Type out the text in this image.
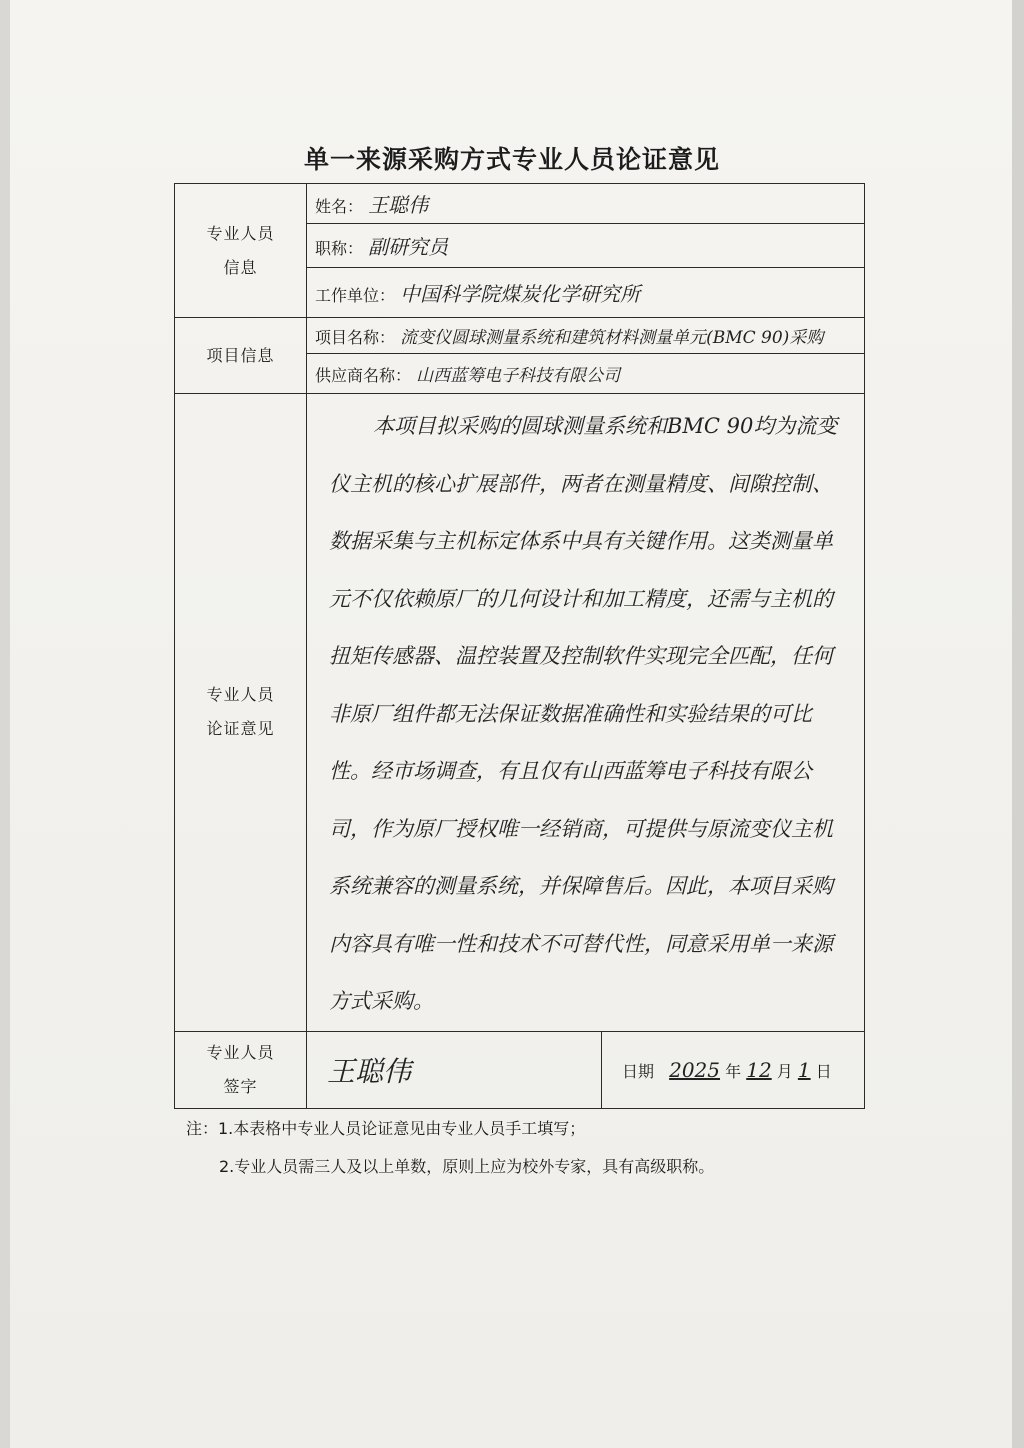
单一来源采购方式专业人员论证意见
专业人员信息	姓名： 王聪伟	
	职称： 副研究员	
	工作单位： 中国科学院煤炭化学研究所	
项目信息	项目名称： 流变仪圆球测量系统和建筑材料测量单元(BMC 90)采购	
	供应商名称： 山西蓝筹电子科技有限公司	

专业人员论证意见	本项目拟采购的圆球测量系统和BMC 90均为流变仪主机的核心扩展部件，两者在测量精度、间隙控制、数据采集与主机标定体系中具有关键作用。这类测量单元不仅依赖原厂的几何设计和加工精度，还需与主机的扭矩传感器、温控装置及控制软件实现完全匹配，任何非原厂组件都无法保证数据准确性和实验结果的可比性。经市场调查，有且仅有山西蓝筹电子科技有限公司，作为原厂授权唯一经销商，可提供与原流变仪主机系统兼容的测量系统，并保障售后。因此，本项目采购内容具有唯一性和技术不可替代性，同意采用单一来源方式采购。	

专业人员签字	王聪伟	日期 2025 年 12 月 1 日
注：1.本表格中专业人员论证意见由专业人员手工填写；
2.专业人员需三人及以上单数，原则上应为校外专家，具有高级职称。
